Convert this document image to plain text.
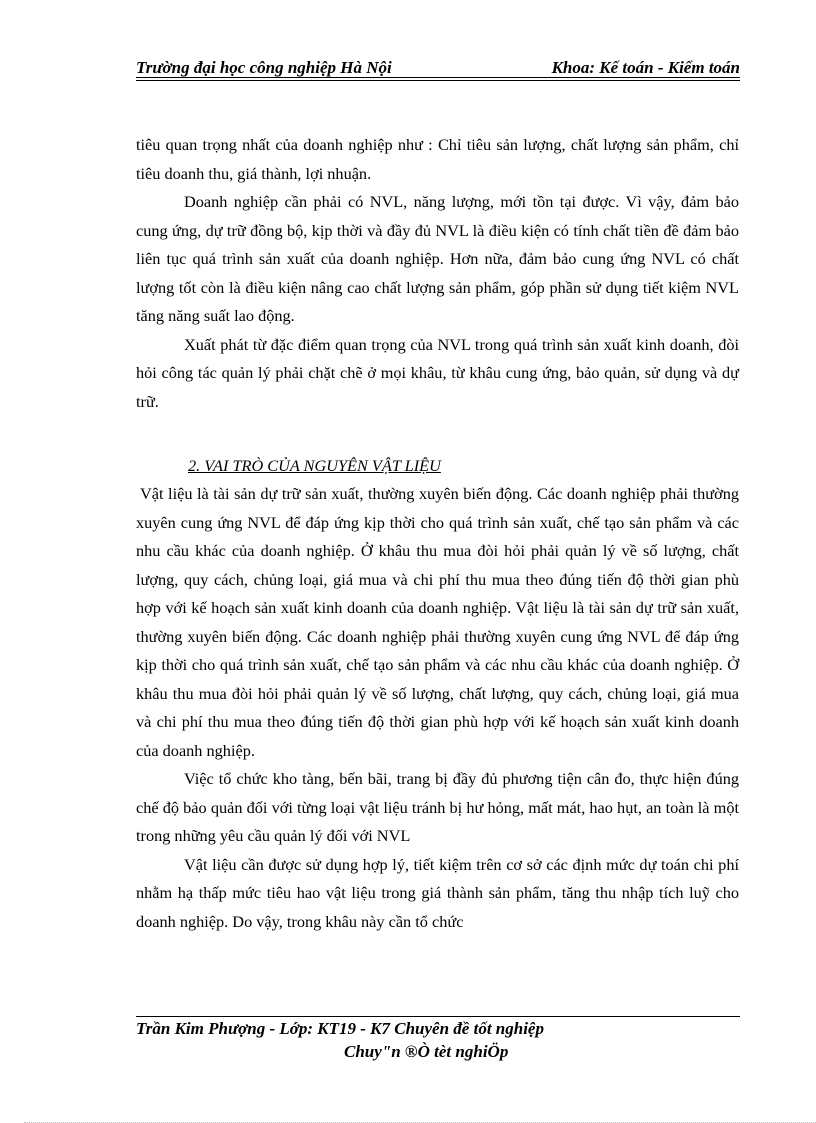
Trường đại học công nghiệp Hà Nội	Khoa: Kế toán - Kiểm toán

tiêu quan trọng nhất của doanh nghiệp như : Chỉ tiêu sản lượng, chất lượng sản phẩm, chỉ tiêu doanh thu, giá thành, lợi nhuận.

Doanh nghiệp cần phải có NVL, năng lượng, mới tồn tại được. Vì vậy, đảm bảo cung ứng, dự trữ đồng bộ, kịp thời và đầy đủ NVL là điều kiện có tính chất tiền đề đảm bảo liên tục quá trình sản xuất của doanh nghiệp. Hơn nữa, đảm bảo cung ứng NVL có chất lượng tốt còn là điều kiện nâng cao chất lượng sản phẩm, góp phần sử dụng tiết kiệm NVL tăng năng suất lao động.

Xuất phát từ đặc điểm quan trọng của NVL trong quá trình sản xuất kinh doanh, đòi hỏi công tác quản lý phải chặt chẽ ở mọi khâu, từ khâu cung ứng, bảo quản, sử dụng và dự trữ.

2. VAI TRÒ CỦA NGUYÊN VẬT LIỆU

Vật liệu là tài sản dự trữ sản xuất, thường xuyên biến động. Các doanh nghiệp phải thường xuyên cung ứng NVL để đáp ứng kịp thời cho quá trình sản xuất, chế tạo sản phẩm và các nhu cầu khác của doanh nghiệp. Ở khâu thu mua đòi hỏi phải quản lý về số lượng, chất lượng, quy cách, chủng loại, giá mua và chi phí thu mua theo đúng tiến độ thời gian phù hợp với kế hoạch sản xuất kinh doanh của doanh nghiệp. Vật liệu là tài sản dự trữ sản xuất, thường xuyên biến động. Các doanh nghiệp phải thường xuyên cung ứng NVL để đáp ứng kịp thời cho quá trình sản xuất, chế tạo sản phẩm và các nhu cầu khác của doanh nghiệp. Ở khâu thu mua đòi hỏi phải quản lý về số lượng, chất lượng, quy cách, chủng loại, giá mua và chi phí thu mua theo đúng tiến độ thời gian phù hợp với kế hoạch sản xuất kinh doanh của doanh nghiệp.

Việc tổ chức kho tàng, bến bãi, trang bị đầy đủ phương tiện cân đo, thực hiện đúng chế độ bảo quản đối với từng loại vật liệu tránh bị hư hỏng, mất mát, hao hụt, an toàn là một trong những yêu cầu quản lý đối với NVL

Vật liệu cần được sử dụng hợp lý, tiết kiệm trên cơ sở các định mức dự toán chi phí nhằm hạ thấp mức tiêu hao vật liệu trong giá thành sản phẩm, tăng thu nhập tích luỹ cho doanh nghiệp. Do vậy, trong khâu này cần tổ chức

Trần Kim Phượng - Lớp: KT19 - K7 Chuyên đề tốt nghiệp
Chuy"n ®Ò tèt nghiÖp
